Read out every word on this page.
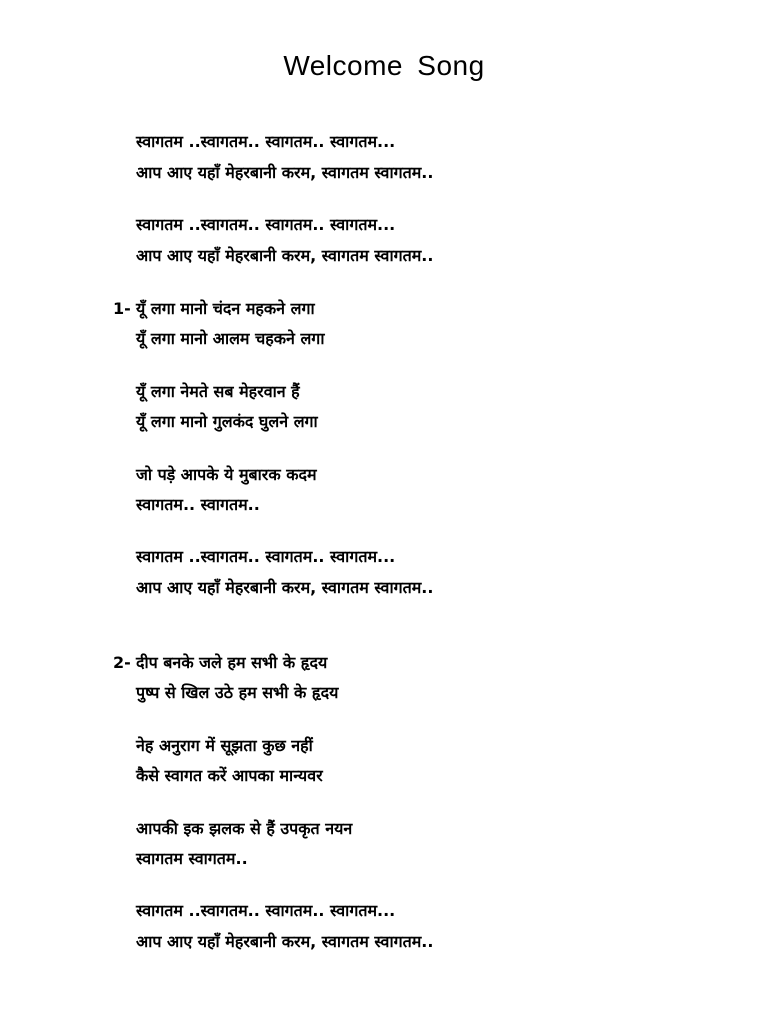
Welcome Song
स्वागतम ..स्वागतम.. स्वागतम.. स्वागतम...
आप आए यहाँ मेहरबानी करम, स्वागतम स्वागतम..
स्वागतम ..स्वागतम.. स्वागतम.. स्वागतम...
आप आए यहाँ मेहरबानी करम, स्वागतम स्वागतम..
1- यूँ लगा मानो चंदन महकने लगा
यूँ लगा मानो आलम चहकने लगा
यूँ लगा नेमते सब मेहरवान हैं
यूँ लगा मानो गुलकंद घुलने लगा
जो पड़े आपके ये मुबारक कदम
स्वागतम.. स्वागतम..
स्वागतम ..स्वागतम.. स्वागतम.. स्वागतम...
आप आए यहाँ मेहरबानी करम, स्वागतम स्वागतम..
2- दीप बनके जले हम सभी के हृदय
पुष्प से खिल उठे हम सभी के हृदय
नेह अनुराग में सूझता कुछ नहीं
कैसे स्वागत करें आपका मान्यवर
आपकी इक झलक से हैं उपकृत नयन
स्वागतम स्वागतम..
स्वागतम ..स्वागतम.. स्वागतम.. स्वागतम...
आप आए यहाँ मेहरबानी करम, स्वागतम स्वागतम..
